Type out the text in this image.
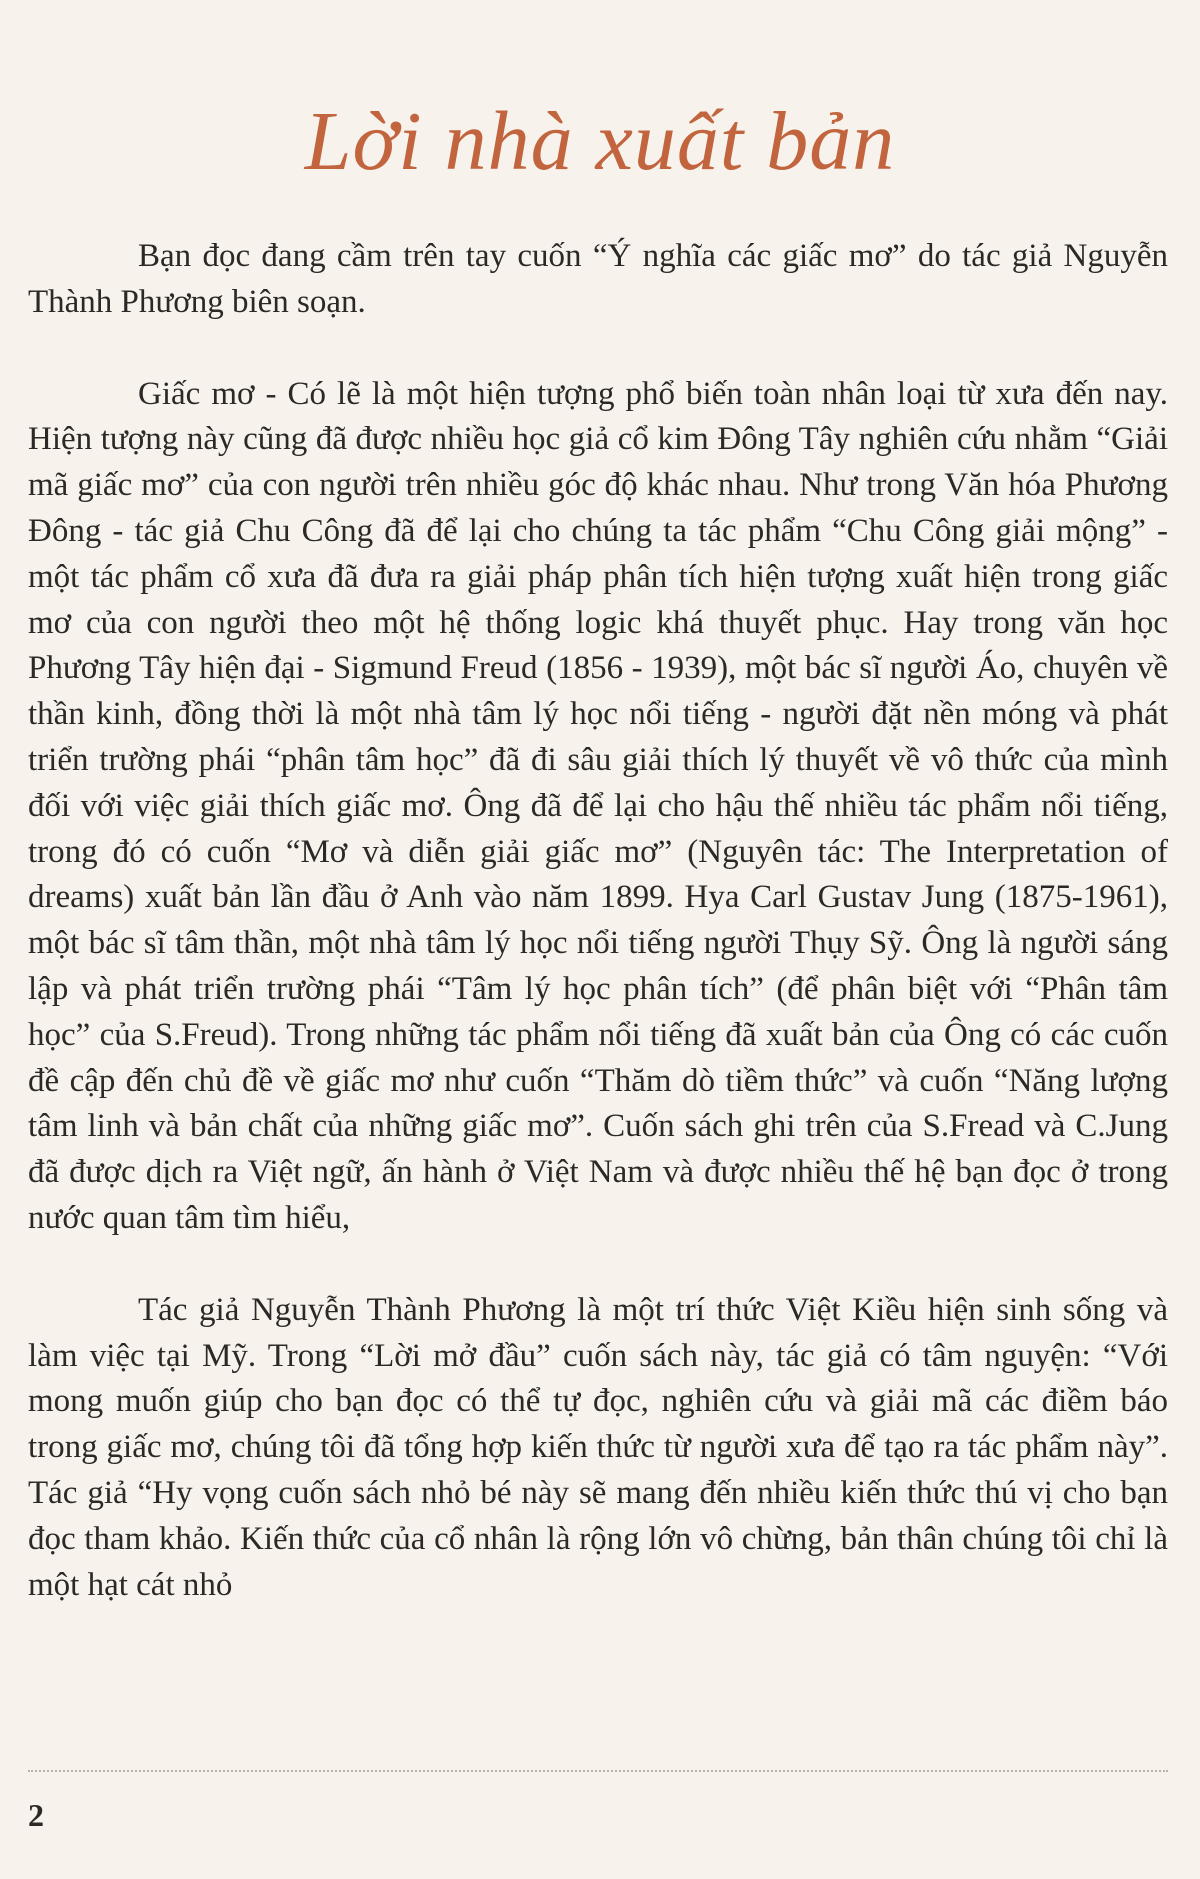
Lời nhà xuất bản

Bạn đọc đang cầm trên tay cuốn “Ý nghĩa các giấc mơ” do tác giả Nguyễn Thành Phương biên soạn.

Giấc mơ - Có lẽ là một hiện tượng phổ biến toàn nhân loại từ xưa đến nay. Hiện tượng này cũng đã được nhiều học giả cổ kim Đông Tây nghiên cứu nhằm “Giải mã giấc mơ” của con người trên nhiều góc độ khác nhau. Như trong Văn hóa Phương Đông - tác giả Chu Công đã để lại cho chúng ta tác phẩm “Chu Công giải mộng” - một tác phẩm cổ xưa đã đưa ra giải pháp phân tích hiện tượng xuất hiện trong giấc mơ của con người theo một hệ thống logic khá thuyết phục. Hay trong văn học Phương Tây hiện đại - Sigmund Freud (1856 - 1939), một bác sĩ người Áo, chuyên về thần kinh, đồng thời là một nhà tâm lý học nổi tiếng - người đặt nền móng và phát triển trường phái “phân tâm học” đã đi sâu giải thích lý thuyết về vô thức của mình đối với việc giải thích giấc mơ. Ông đã để lại cho hậu thế nhiều tác phẩm nổi tiếng, trong đó có cuốn “Mơ và diễn giải giấc mơ” (Nguyên tác: The Interpretation of dreams) xuất bản lần đầu ở Anh vào năm 1899. Hya Carl Gustav Jung (1875-1961), một bác sĩ tâm thần, một nhà tâm lý học nổi tiếng người Thụy Sỹ. Ông là người sáng lập và phát triển trường phái “Tâm lý học phân tích” (để phân biệt với “Phân tâm học” của S.Freud). Trong những tác phẩm nổi tiếng đã xuất bản của Ông có các cuốn đề cập đến chủ đề về giấc mơ như cuốn “Thăm dò tiềm thức” và cuốn “Năng lượng tâm linh và bản chất của những giấc mơ”. Cuốn sách ghi trên của S.Fread và C.Jung đã được dịch ra Việt ngữ, ấn hành ở Việt Nam và được nhiều thế hệ bạn đọc ở trong nước quan tâm tìm hiểu,

Tác giả Nguyễn Thành Phương là một trí thức Việt Kiều hiện sinh sống và làm việc tại Mỹ. Trong “Lời mở đầu” cuốn sách này, tác giả có tâm nguyện: “Với mong muốn giúp cho bạn đọc có thể tự đọc, nghiên cứu và giải mã các điềm báo trong giấc mơ, chúng tôi đã tổng hợp kiến thức từ người xưa để tạo ra tác phẩm này”. Tác giả “Hy vọng cuốn sách nhỏ bé này sẽ mang đến nhiều kiến thức thú vị cho bạn đọc tham khảo. Kiến thức của cổ nhân là rộng lớn vô chừng, bản thân chúng tôi chỉ là một hạt cát nhỏ

2
